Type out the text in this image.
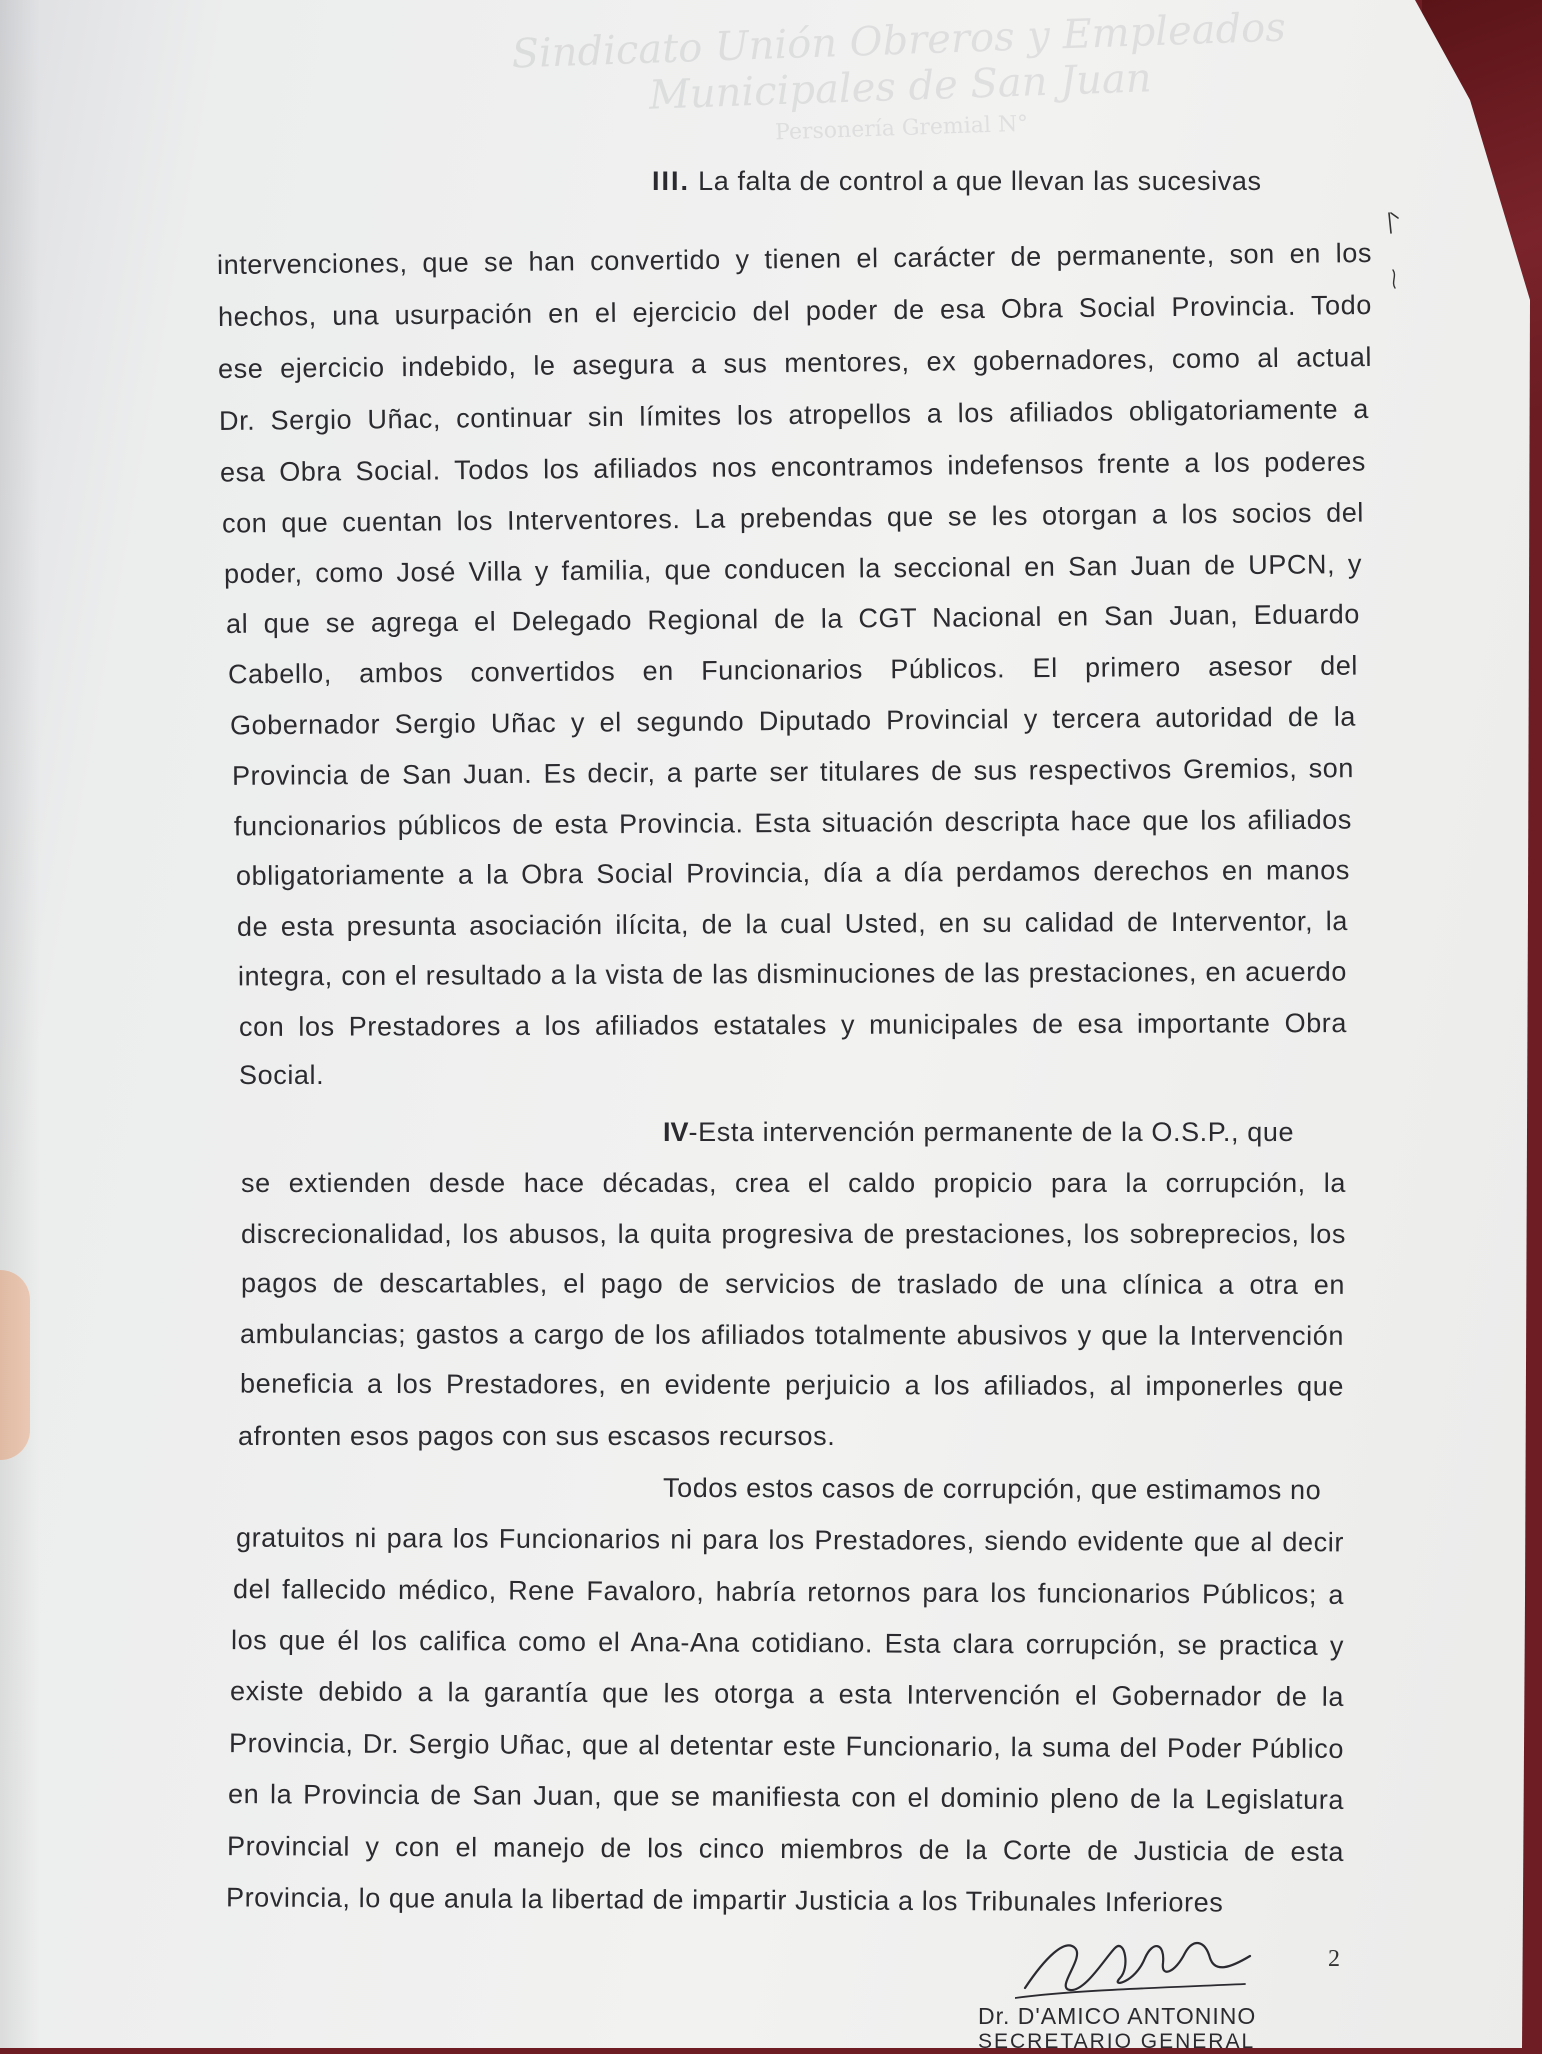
Sindicato Unión Obreros y Empleados Municipales de San Juan
Personería Gremial N°
III. La falta de control a que llevan las sucesivas
intervenciones, que se han convertido y tienen el carácter de permanente, son en los
hechos, una usurpación en el ejercicio del poder de esa Obra Social Provincia. Todo
ese ejercicio indebido, le asegura a sus mentores, ex gobernadores, como al actual
Dr. Sergio Uñac, continuar sin límites los atropellos a los afiliados obligatoriamente a
esa Obra Social. Todos los afiliados nos encontramos indefensos frente a los poderes
con que cuentan los Interventores. La prebendas que se les otorgan a los socios del
poder, como José Villa y familia, que conducen la seccional en San Juan de UPCN, y
al que se agrega el Delegado Regional de la CGT Nacional en San Juan, Eduardo
Cabello, ambos convertidos en Funcionarios Públicos. El primero asesor del
Gobernador Sergio Uñac y el segundo Diputado Provincial y tercera autoridad de la
Provincia de San Juan. Es decir, a parte ser titulares de sus respectivos Gremios, son
funcionarios públicos de esta Provincia. Esta situación descripta hace que los afiliados
obligatoriamente a la Obra Social Provincia, día a día perdamos derechos en manos
de esta presunta asociación ilícita, de la cual Usted, en su calidad de Interventor, la
integra, con el resultado a la vista de las disminuciones de las prestaciones, en acuerdo
con los Prestadores a los afiliados estatales y municipales de esa importante Obra
Social.
IV-Esta intervención permanente de la O.S.P., que
se extienden desde hace décadas, crea el caldo propicio para la corrupción, la
discrecionalidad, los abusos, la quita progresiva de prestaciones, los sobreprecios, los
pagos de descartables, el pago de servicios de traslado de una clínica a otra en
ambulancias; gastos a cargo de los afiliados totalmente abusivos y que la Intervención
beneficia a los Prestadores, en evidente perjuicio a los afiliados, al imponerles que
afronten esos pagos con sus escasos recursos.
Todos estos casos de corrupción, que estimamos no
gratuitos ni para los Funcionarios ni para los Prestadores, siendo evidente que al decir
del fallecido médico, Rene Favaloro, habría retornos para los funcionarios Públicos; a
los que él los califica como el Ana-Ana cotidiano. Esta clara corrupción, se practica y
existe debido a la garantía que les otorga a esta Intervención el Gobernador de la
Provincia, Dr. Sergio Uñac, que al detentar este Funcionario, la suma del Poder Público
en la Provincia de San Juan, que se manifiesta con el dominio pleno de la Legislatura
Provincial y con el manejo de los cinco miembros de la Corte de Justicia de esta
Provincia, lo que anula la libertad de impartir Justicia a los Tribunales Inferiores
2
Dr. D'AMICO ANTONINO
SECRETARIO GENERAL
